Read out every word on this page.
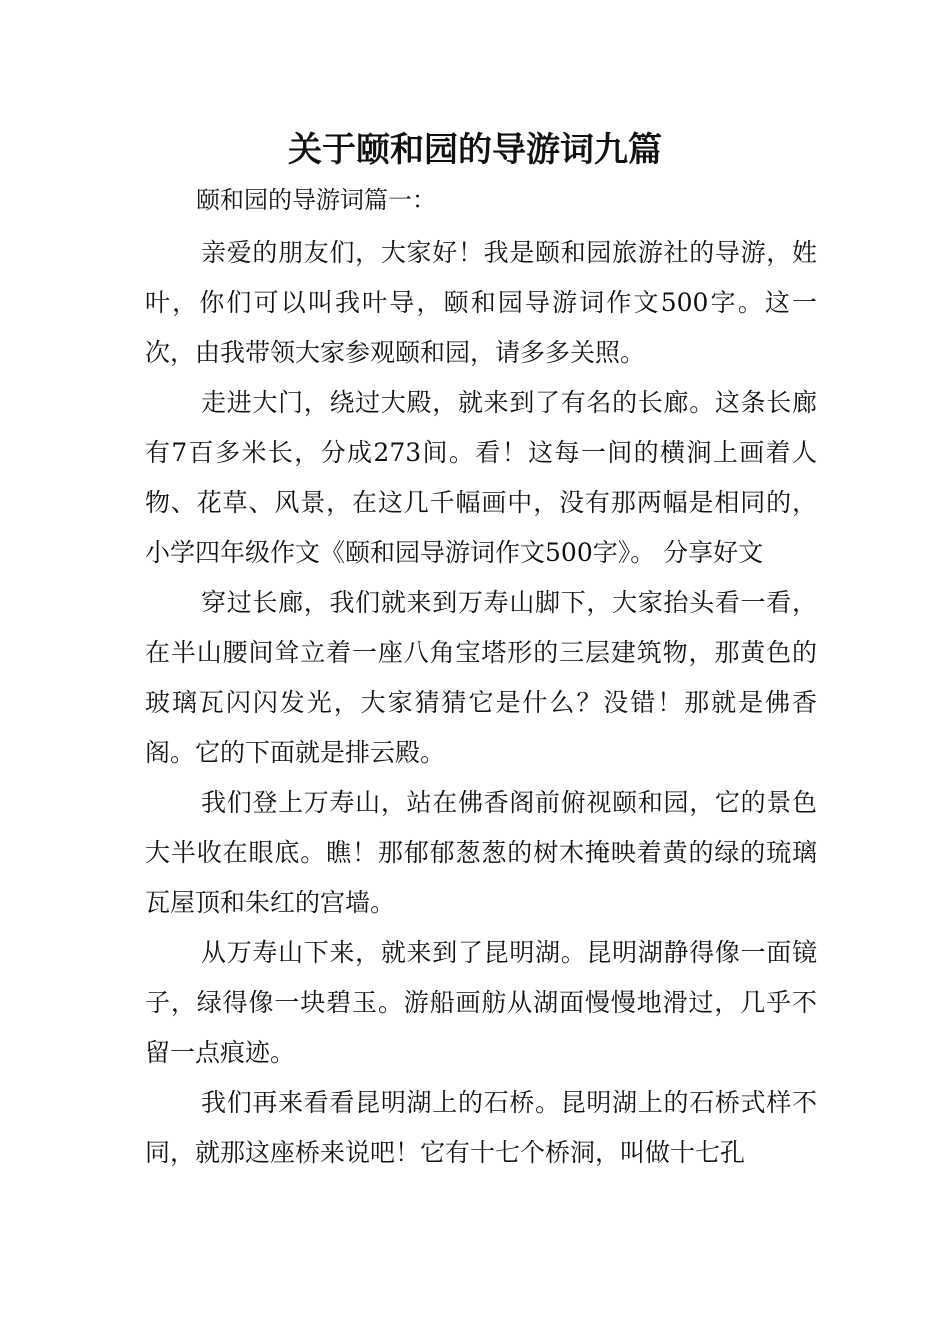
关于颐和园的导游词九篇

颐和园的导游词篇一：

亲爱的朋友们，大家好！我是颐和园旅游社的导游，姓叶，你们可以叫我叶导，颐和园导游词作文500字。这一次，由我带领大家参观颐和园，请多多关照。

走进大门，绕过大殿，就来到了有名的长廊。这条长廊有7百多米长，分成273间。看！这每一间的横涧上画着人物、花草、风景，在这几千幅画中，没有那两幅是相同的，小学四年级作文《颐和园导游词作文500字》。 分享好文

穿过长廊，我们就来到万寿山脚下，大家抬头看一看，在半山腰间耸立着一座八角宝塔形的三层建筑物，那黄色的玻璃瓦闪闪发光，大家猜猜它是什么？没错！那就是佛香阁。它的下面就是排云殿。

我们登上万寿山，站在佛香阁前俯视颐和园，它的景色大半收在眼底。瞧！那郁郁葱葱的树木掩映着黄的绿的琉璃瓦屋顶和朱红的宫墙。

从万寿山下来，就来到了昆明湖。昆明湖静得像一面镜子，绿得像一块碧玉。游船画舫从湖面慢慢地滑过，几乎不留一点痕迹。

我们再来看看昆明湖上的石桥。昆明湖上的石桥式样不同，就那这座桥来说吧！它有十七个桥洞，叫做十七孔
